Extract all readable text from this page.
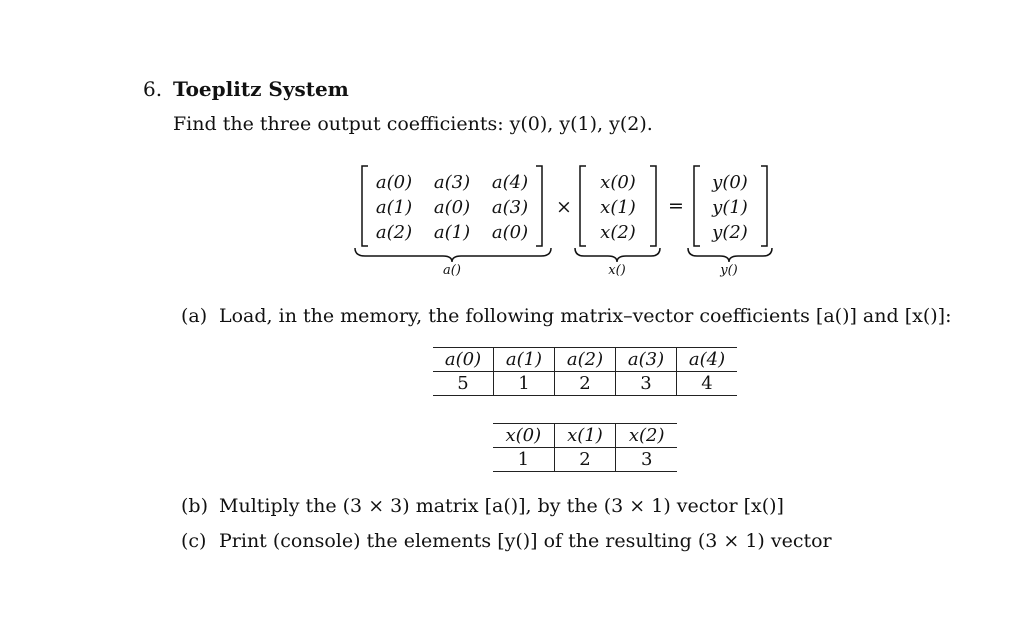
6. Toeplitz System
Find the three output coefficients: y(0), y(1), y(2).
a(0)	a(3)	a(4)
a(1)	a(0)	a(3)
a(2)	a(1)	a(0)
×
x(0)
x(1)
x(2)
=
y(0)
y(1)
y(2)
a()	x()	y()
(a) Load, in the memory, the following matrix–vector coefficients [a()] and [x()]:
a(0)	a(1)	a(2)	a(3)	a(4)
5	1	2	3	4
x(0)	x(1)	x(2)
1	2	3
(b) Multiply the (3 × 3) matrix [a()], by the (3 × 1) vector [x()]
(c) Print (console) the elements [y()] of the resulting (3 × 1) vector
